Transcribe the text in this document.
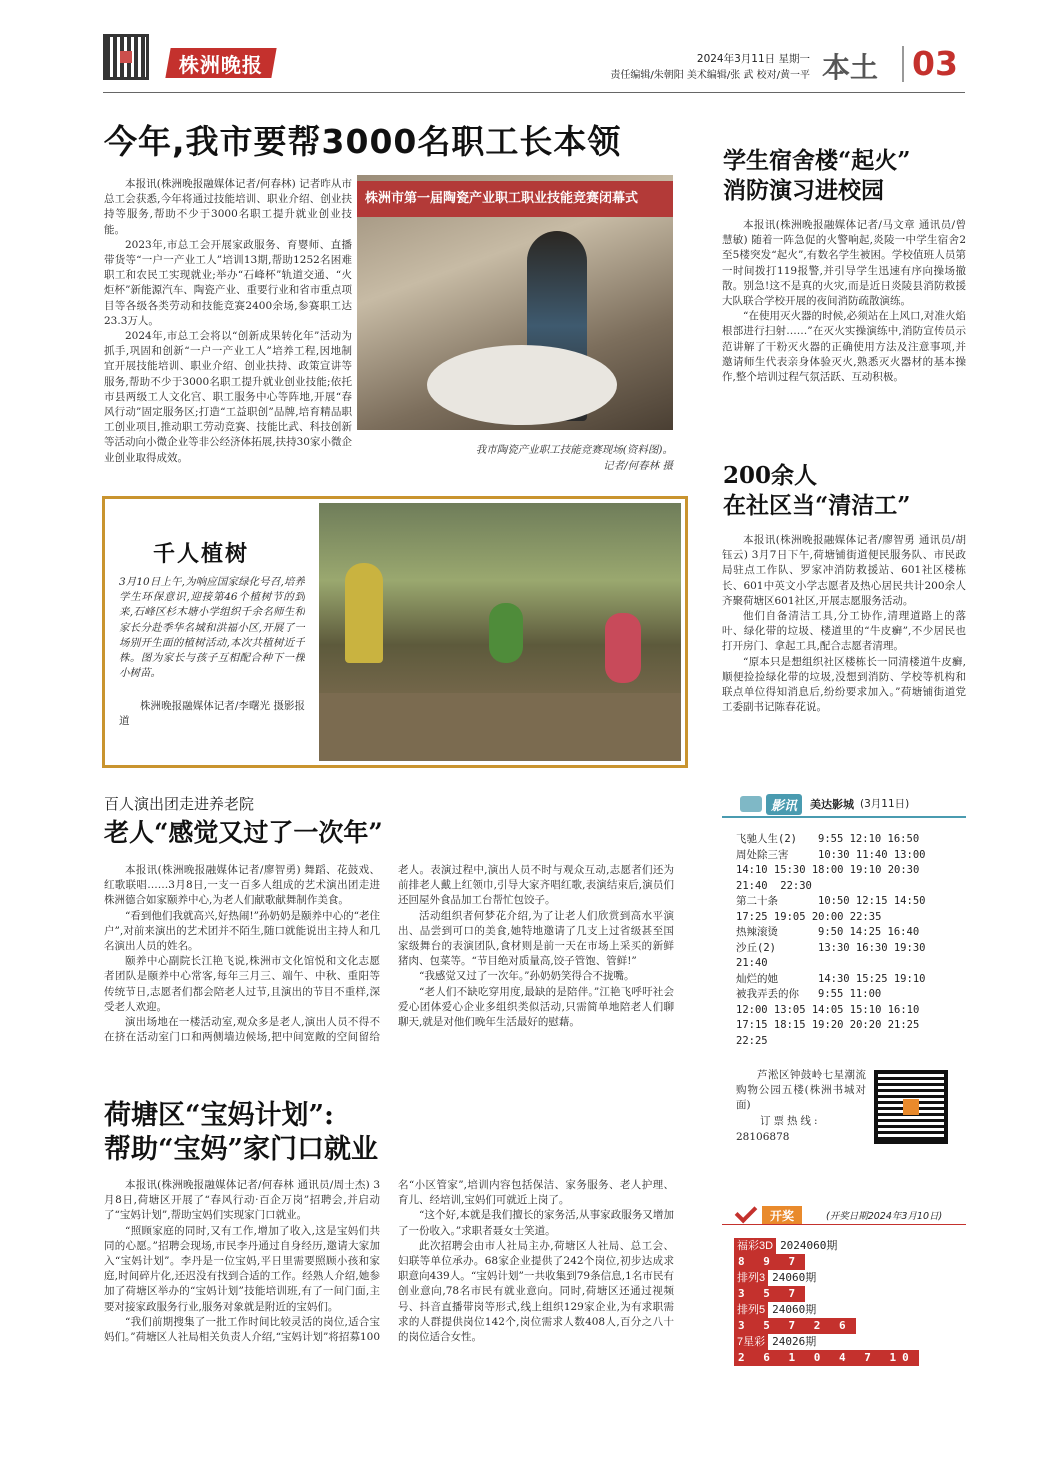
株洲晚报	2024年3月11日 星期一
责任编辑/朱朝阳 美术编辑/张 武 校对/黄一平 本土 03
今年,我市要帮3000名职工长本领

本报讯(株洲晚报融媒体记者/何春林) 记者昨从市总工会获悉,今年将通过技能培训、职业介绍、创业扶持等服务,帮助不少于3000名职工提升就业创业技能。

2023年,市总工会开展家政服务、育婴师、直播带货等“一户一产业工人”培训13期,帮助1252名困难职工和农民工实现就业;举办“石峰杯”轨道交通、“火炬杯”新能源汽车、陶瓷产业、重要行业和省市重点项目等各级各类劳动和技能竞赛2400余场,参赛职工达23.3万人。

2024年,市总工会将以“创新成果转化年”活动为抓手,巩固和创新“一户一产业工人”培养工程,因地制宜开展技能培训、职业介绍、创业扶持、政策宣讲等服务,帮助不少于3000名职工提升就业创业技能;依托市县两级工人文化宫、职工服务中心等阵地,开展“春风行动”固定服务区;打造“工益职创”品牌,培育精品职工创业项目,推动职工劳动竞赛、技能比武、科技创新等活动向小微企业等非公经济体拓展,扶持30家小微企业创业取得成效。

株洲市第一届陶瓷产业职工职业技能竞赛闭幕式
我市陶瓷产业职工技能竞赛现场(资料图)。
记者/何春林 摄
学生宿舍楼“起火”
消防演习进校园

本报讯(株洲晚报融媒体记者/马文章 通讯员/曾慧敏) 随着一阵急促的火警响起,炎陵一中学生宿舍2至5楼突发“起火”,有数名学生被困。学校值班人员第一时间拨打119报警,并引导学生迅速有序向操场撤散。别急!这不是真的火灾,而是近日炎陵县消防救援大队联合学校开展的夜间消防疏散演练。

“在使用灭火器的时候,必须站在上风口,对准火焰根部进行扫射……”在灭火实操演练中,消防宣传员示范讲解了干粉灭火器的正确使用方法及注意事项,并邀请师生代表亲身体验灭火,熟悉灭火器材的基本操作,整个培训过程气氛活跃、互动积极。

200余人
在社区当“清洁工”

本报讯(株洲晚报融媒体记者/廖智勇 通讯员/胡钰云) 3月7日下午,荷塘铺街道便民服务队、市民政局驻点工作队、罗家冲消防救援站、601社区楼栋长、601中英文小学志愿者及热心居民共计200余人齐聚荷塘区601社区,开展志愿服务活动。

他们自备清洁工具,分工协作,清理道路上的落叶、绿化带的垃圾、楼道里的“牛皮癣”,不少居民也打开房门、拿起工具,配合志愿者清理。

“原本只是想组织社区楼栋长一同清楼道牛皮癣,顺便捡捡绿化带的垃圾,没想到消防、学校等机构和联点单位得知消息后,纷纷要求加入。”荷塘铺街道党工委副书记陈春花说。

千人植树
3月10日上午,为响应国家绿化号召,培养学生环保意识,迎接第46个植树节的到来,石峰区杉木塘小学组织千余名师生和家长分赴季华名城和洪福小区,开展了一场别开生面的植树活动,本次共植树近千株。图为家长与孩子互相配合种下一棵小树苗。
株洲晚报融媒体记者/李曙光 摄影报道
百人演出团走进养老院
老人“感觉又过了一次年”

本报讯(株洲晚报融媒体记者/廖智勇) 舞蹈、花鼓戏、红歌联唱……3月8日,一支一百多人组成的艺术演出团走进株洲德合如家颐养中心,为老人们献歌献舞制作美食。

“看到他们我就高兴,好热闹!”孙奶奶是颐养中心的“老住户”,对前来演出的艺术团并不陌生,随口就能说出主持人和几名演出人员的姓名。

颐养中心副院长江艳飞说,株洲市文化馆悦和文化志愿者团队是颐养中心常客,每年三月三、端午、中秋、重阳等传统节日,志愿者们都会陪老人过节,且演出的节目不重样,深受老人欢迎。

演出场地在一楼活动室,观众多是老人,演出人员不得不在挤在活动室门口和两侧墙边候场,把中间宽敞的空间留给老人。表演过程中,演出人员不时与观众互动,志愿者们还为前排老人戴上红领巾,引导大家齐唱红歌,表演结束后,演员们还回屋外食品加工台帮忙包饺子。

活动组织者何梦花介绍,为了让老人们欣赏到高水平演出、品尝到可口的美食,她特地邀请了几支上过省级甚至国家级舞台的表演团队,食材则是前一天在市场上采买的新鲜猪肉、包菜等。“节目绝对质量高,饺子管饱、管鲜!”

“我感觉又过了一次年。”孙奶奶笑得合不拢嘴。

“老人们不缺吃穿用度,最缺的是陪伴。”江艳飞呼吁社会爱心团体爱心企业多组织类似活动,只需简单地陪老人们聊聊天,就是对他们晚年生活最好的慰藉。

荷塘区“宝妈计划”:
帮助“宝妈”家门口就业

本报讯(株洲晚报融媒体记者/何春林 通讯员/周士杰) 3月8日,荷塘区开展了“春风行动·百企万岗”招聘会,并启动了“宝妈计划”,帮助宝妈们实现家门口就业。

“照顾家庭的同时,又有工作,增加了收入,这是宝妈们共同的心愿。”招聘会现场,市民李丹通过自身经历,邀请大家加入“宝妈计划”。李丹是一位宝妈,平日里需要照顾小孩和家庭,时间碎片化,还迟没有找到合适的工作。经熟人介绍,她参加了荷塘区举办的“宝妈计划”技能培训班,有了一间门面,主要对接家政服务行业,服务对象就是附近的宝妈们。

“我们前期搜集了一批工作时间比较灵活的岗位,适合宝妈们。”荷塘区人社局相关负责人介绍,“宝妈计划”将招募100名“小区管家”,培训内容包括保洁、家务服务、老人护理、育儿、经培训,宝妈们可就近上岗了。

“这个好,本就是我们擅长的家务活,从事家政服务又增加了一份收入。”求职者聂女士笑道。

此次招聘会由市人社局主办,荷塘区人社局、总工会、妇联等单位承办。68家企业提供了242个岗位,初步达成求职意向439人。“宝妈计划”一共收集到79条信息,1名市民有创业意向,78名市民有就业意向。同时,荷塘区还通过视频号、抖音直播带岗等形式,线上组织129家企业,为有求职需求的人群提供岗位142个,岗位需求人数408人,百分之八十的岗位适合女性。

影讯	美达影城 (3月11日)
飞驰人生(2)	9:55 12:10 16:50
周处除三害	10:30 11:40 13:00
14:10 15:30 18:00 19:10 20:30
21:40  22:30
第二十条	10:50 12:15 14:50
17:25 19:05 20:00 22:35
热辣滚烫	9:50 14:25 16:40
沙丘(2)	13:30 16:30 19:30
21:40
灿烂的她	14:30 15:25 19:10
被我弄丢的你	9:55 11:00
12:00 13:05 14:05 15:10 16:10
17:15 18:15 19:20 20:20 21:25
22:25
芦淞区钟鼓岭七星潮流购物公园五楼(株洲书城对面)
订票热线:
28106878
开奖	(开奖日期2024年3月10日)
福彩3D 2024060期
8 9 7
排列3 24060期
3 5 7
排列5 24060期
3 5 7 2 6
7星彩 24026期
2 6 1 0 4 7 10
